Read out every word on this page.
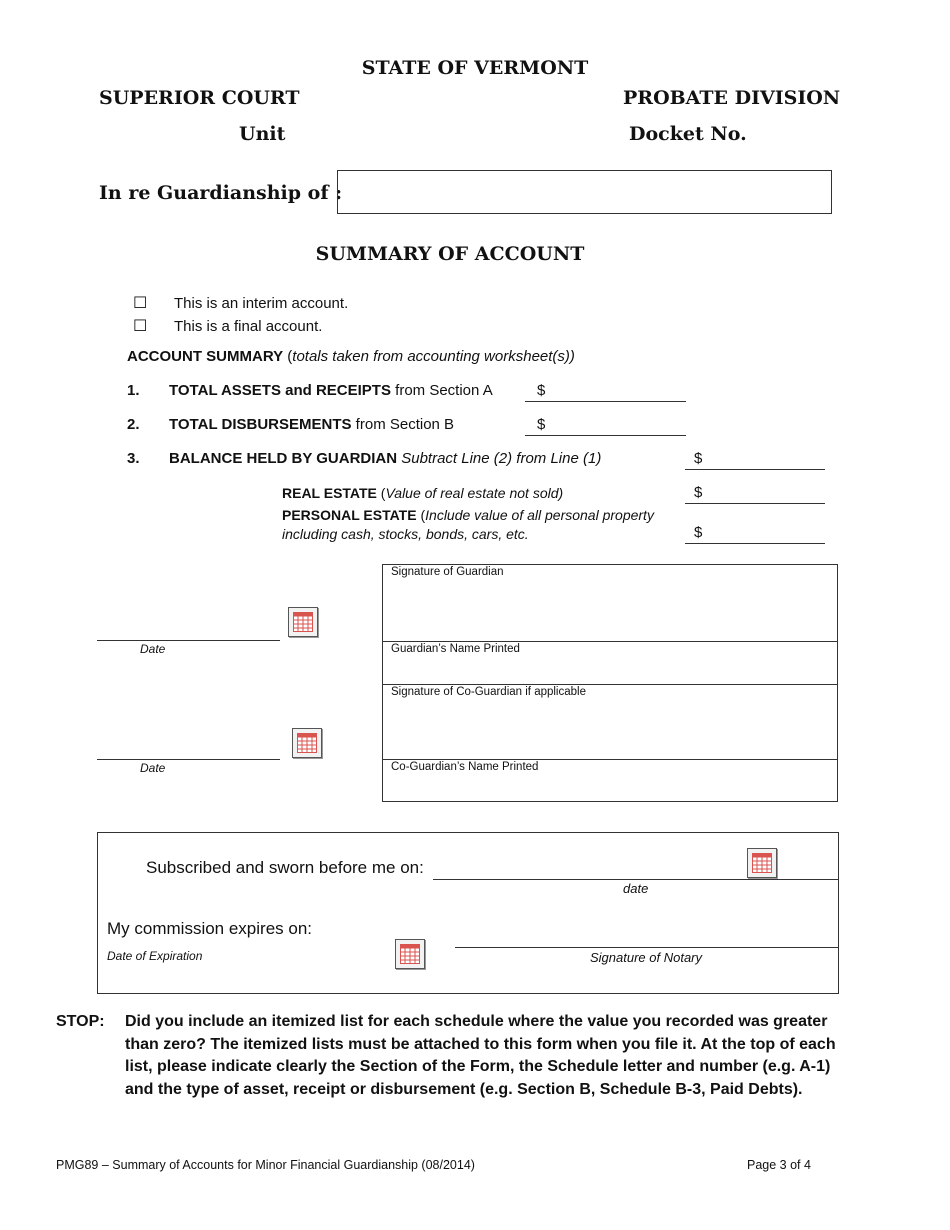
STATE OF VERMONT
SUPERIOR COURT	PROBATE DIVISION
Unit	Docket No.
In re Guardianship of :
SUMMARY OF ACCOUNT
☐ This is an interim account.
☐ This is a final account.
ACCOUNT SUMMARY (totals taken from accounting worksheet(s))
1. TOTAL ASSETS and RECEIPTS from Section A	$
2. TOTAL DISBURSEMENTS from Section B	$
3. BALANCE HELD BY GUARDIAN Subtract Line (2) from Line (1)	$
REAL ESTATE (Value of real estate not sold)	$
PERSONAL ESTATE (Include value of all personal property
including cash, stocks, bonds, cars, etc.	$
Date
Date
Signature of Guardian
Guardian’s Name Printed
Signature of Co-Guardian if applicable
Co-Guardian’s Name Printed
Subscribed and sworn before me on:
date
My commission expires on:
Date of Expiration	Signature of Notary
STOP: Did you include an itemized list for each schedule where the value you recorded was greater than zero? The itemized lists must be attached to this form when you file it. At the top of each list, please indicate clearly the Section of the Form, the Schedule letter and number (e.g. A-1) and the type of asset, receipt or disbursement (e.g. Section B, Schedule B-3, Paid Debts).
PMG89 – Summary of Accounts for Minor Financial Guardianship (08/2014)	Page 3 of 4
